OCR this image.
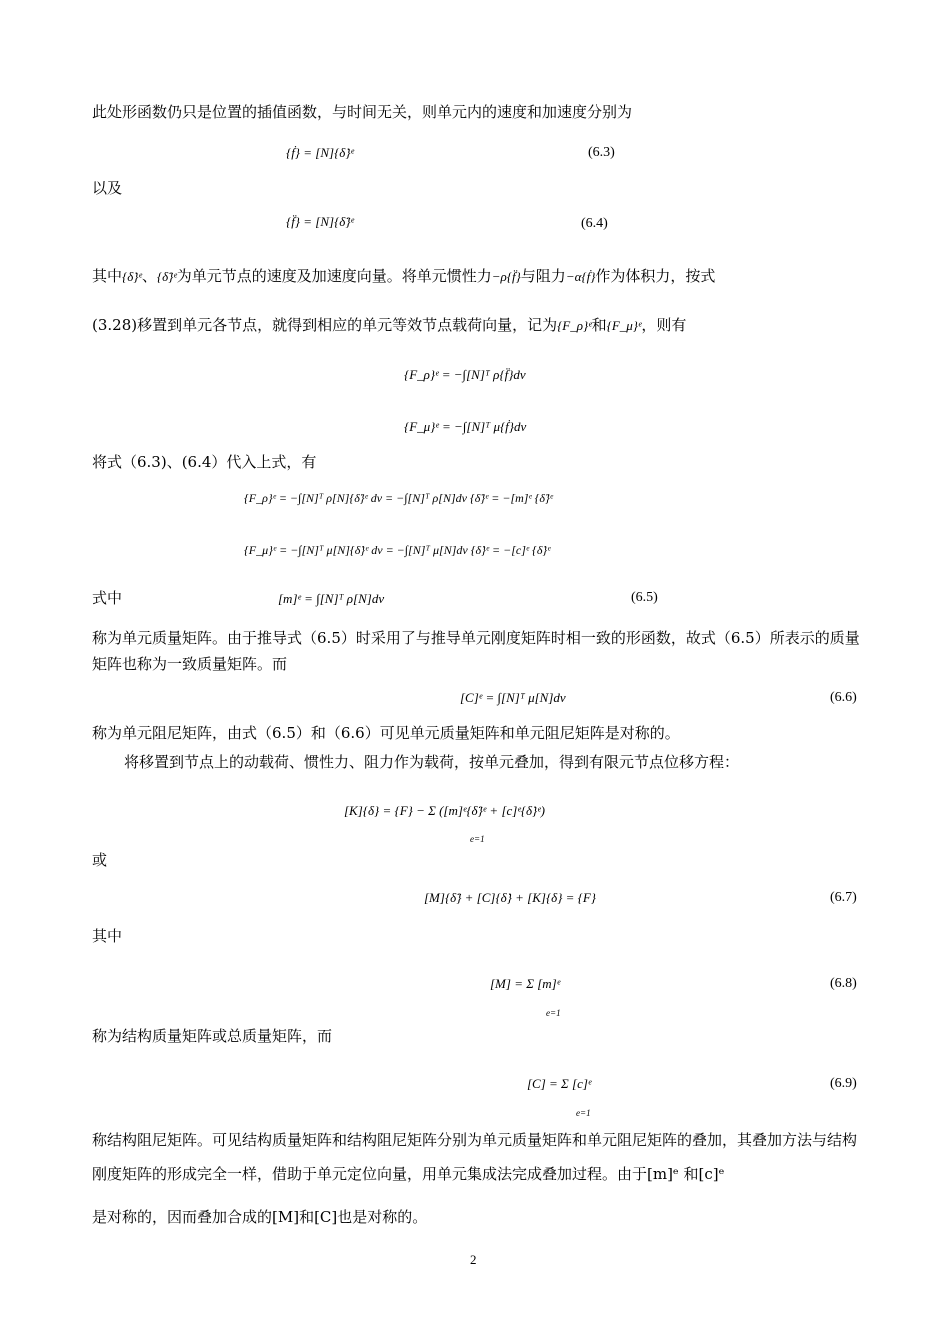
此处形函数仍只是位置的插值函数，与时间无关，则单元内的速度和加速度分别为
{ḟ} = [N]{δ̇}ᵉ	(6.3)
以及
{f̈} = [N]{δ̈}ᵉ	(6.4)
其中{δ̇}ᵉ、{δ̈}ᵉ为单元节点的速度及加速度向量。将单元惯性力−ρ{f̈}与阻力−α{ḟ}作为体积力，按式
(3.28)移置到单元各节点，就得到相应的单元等效节点载荷向量，记为{F_ρ}ᵉ和{F_μ}ᵉ，则有
{F_ρ}ᵉ = −∫[N]ᵀ ρ{f̈}dv
{F_μ}ᵉ = −∫[N]ᵀ μ{ḟ}dv
将式（6.3)、(6.4）代入上式，有
{F_ρ}ᵉ = −∫[N]ᵀ ρ[N]{δ̈}ᵉ dv = −∫[N]ᵀ ρ[N]dv {δ̈}ᵉ = −[m]ᵉ {δ̈}ᵉ
{F_μ}ᵉ = −∫[N]ᵀ μ[N]{δ̇}ᵉ dv = −∫[N]ᵀ μ[N]dv {δ̇}ᵉ = −[c]ᵉ {δ̇}ᵉ
式中	[m]ᵉ = ∫[N]ᵀ ρ[N]dv	(6.5)
称为单元质量矩阵。由于推导式（6.5）时采用了与推导单元刚度矩阵时相一致的形函数，故式（6.5）所表示的质量矩阵也称为一致质量矩阵。而
[C]ᵉ = ∫[N]ᵀ μ[N]dv	(6.6)
称为单元阻尼矩阵，由式（6.5）和（6.6）可见单元质量矩阵和单元阻尼矩阵是对称的。
将移置到节点上的动载荷、惯性力、阻力作为载荷，按单元叠加，得到有限元节点位移方程：
[K]{δ} = {F} − Σ ([m]ᵉ{δ̈}ᵉ + [c]ᵉ{δ̇}ᵉ)
e=1
或
[M]{δ̈} + [C]{δ̇} + [K]{δ} = {F}	(6.7)
其中
[M] = Σ [m]ᵉ
e=1
(6.8)
称为结构质量矩阵或总质量矩阵，而
[C] = Σ [c]ᵉ
e=1
(6.9)
称结构阻尼矩阵。可见结构质量矩阵和结构阻尼矩阵分别为单元质量矩阵和单元阻尼矩阵的叠加，其叠加方法与结构刚度矩阵的形成完全一样，借助于单元定位向量，用单元集成法完成叠加过程。由于[m]ᵉ 和[c]ᵉ
是对称的，因而叠加合成的[M]和[C]也是对称的。
2
